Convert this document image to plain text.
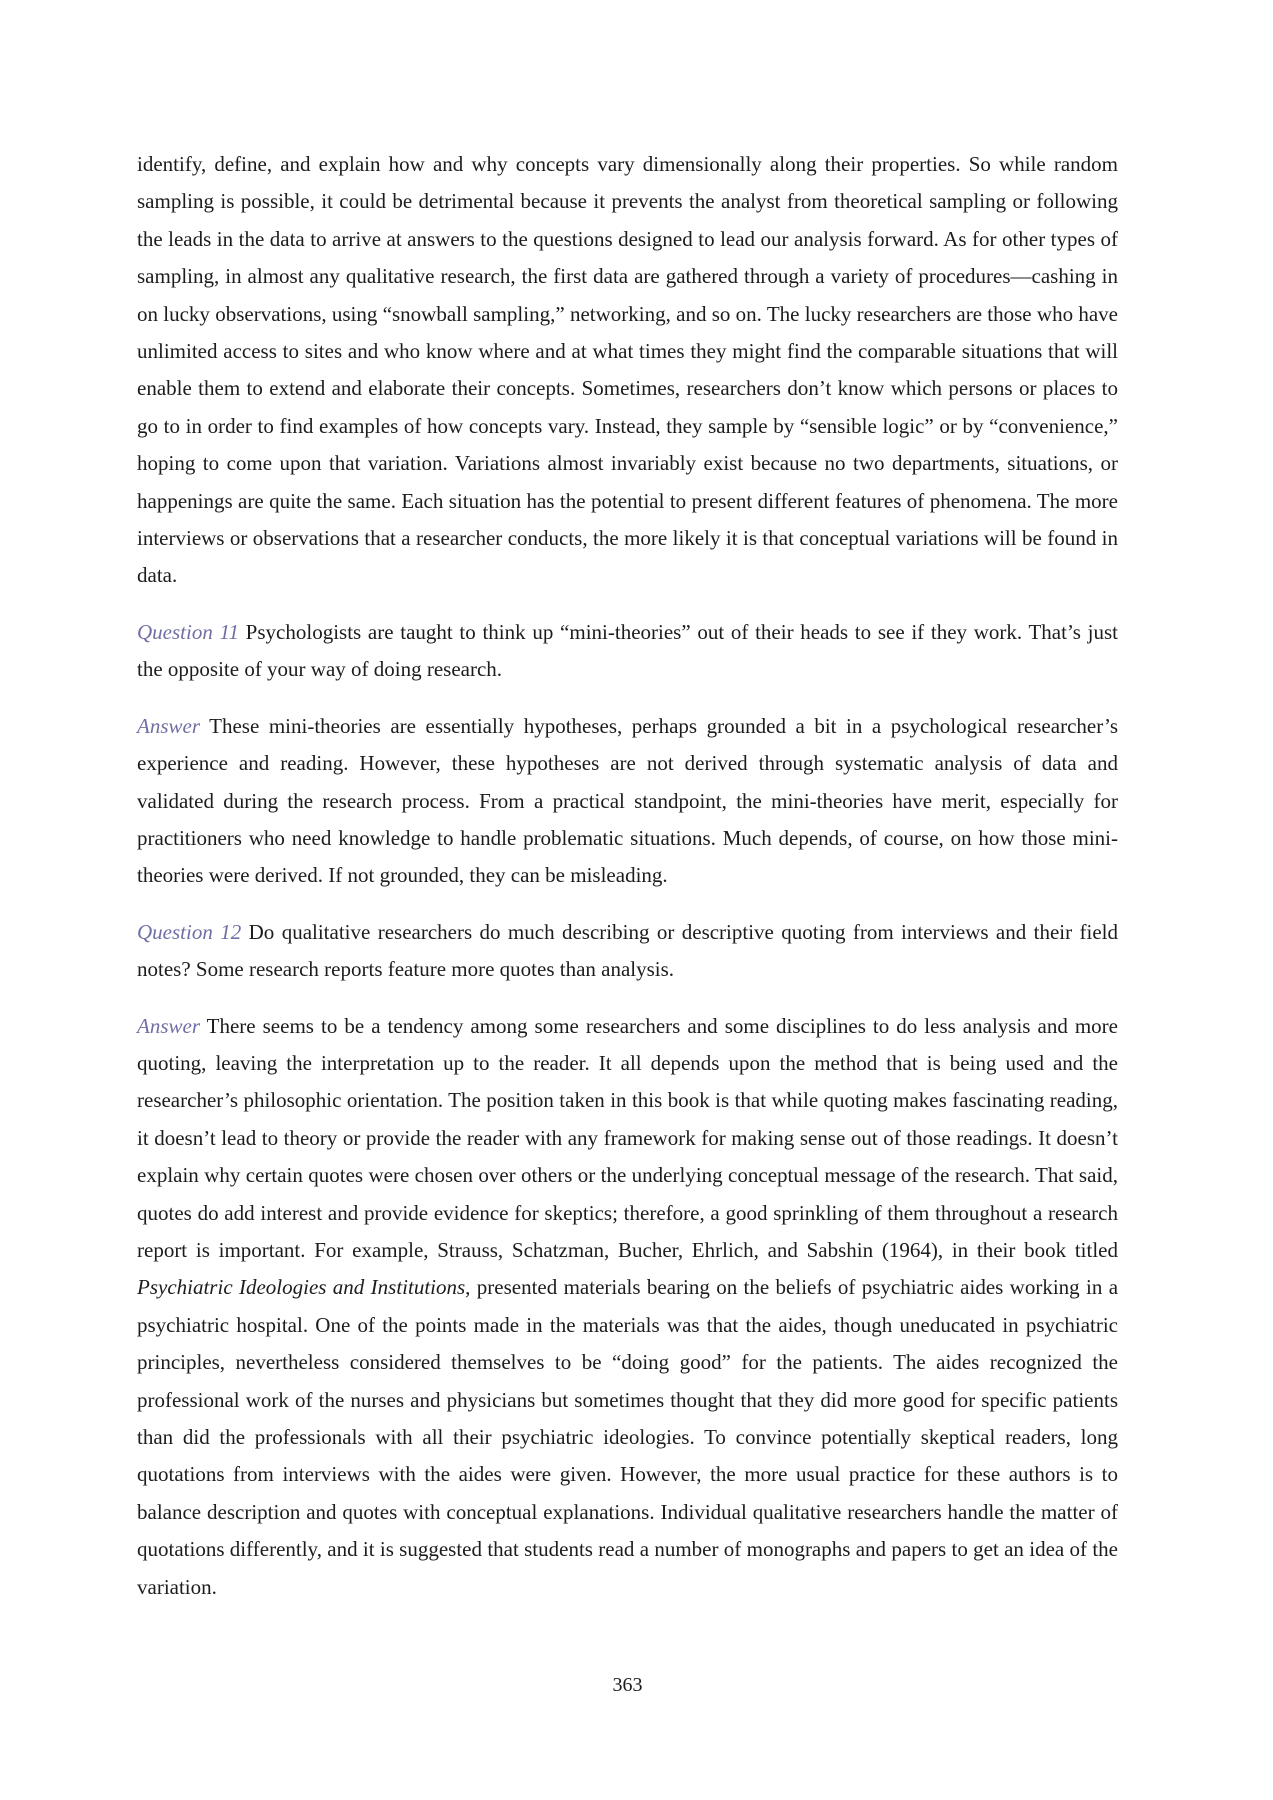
identify, define, and explain how and why concepts vary dimensionally along their properties. So while random sampling is possible, it could be detrimental because it prevents the analyst from theoretical sampling or following the leads in the data to arrive at answers to the questions designed to lead our analysis forward. As for other types of sampling, in almost any qualitative research, the first data are gathered through a variety of procedures—cashing in on lucky observations, using “snowball sampling,” networking, and so on. The lucky researchers are those who have unlimited access to sites and who know where and at what times they might find the comparable situations that will enable them to extend and elaborate their concepts. Sometimes, researchers don’t know which persons or places to go to in order to find examples of how concepts vary. Instead, they sample by “sensible logic” or by “convenience,” hoping to come upon that variation. Variations almost invariably exist because no two departments, situations, or happenings are quite the same. Each situation has the potential to present different features of phenomena. The more interviews or observations that a researcher conducts, the more likely it is that conceptual variations will be found in data.

Question 11 Psychologists are taught to think up “mini-theories” out of their heads to see if they work. That’s just the opposite of your way of doing research.

Answer These mini-theories are essentially hypotheses, perhaps grounded a bit in a psychological researcher’s experience and reading. However, these hypotheses are not derived through systematic analysis of data and validated during the research process. From a practical standpoint, the mini-theories have merit, especially for practitioners who need knowledge to handle problematic situations. Much depends, of course, on how those mini-theories were derived. If not grounded, they can be misleading.

Question 12 Do qualitative researchers do much describing or descriptive quoting from interviews and their field notes? Some research reports feature more quotes than analysis.

Answer There seems to be a tendency among some researchers and some disciplines to do less analysis and more quoting, leaving the interpretation up to the reader. It all depends upon the method that is being used and the researcher’s philosophic orientation. The position taken in this book is that while quoting makes fascinating reading, it doesn’t lead to theory or provide the reader with any framework for making sense out of those readings. It doesn’t explain why certain quotes were chosen over others or the underlying conceptual message of the research. That said, quotes do add interest and provide evidence for skeptics; therefore, a good sprinkling of them throughout a research report is important. For example, Strauss, Schatzman, Bucher, Ehrlich, and Sabshin (1964), in their book titled Psychiatric Ideologies and Institutions, presented materials bearing on the beliefs of psychiatric aides working in a psychiatric hospital. One of the points made in the materials was that the aides, though uneducated in psychiatric principles, nevertheless considered themselves to be “doing good” for the patients. The aides recognized the professional work of the nurses and physicians but sometimes thought that they did more good for specific patients than did the professionals with all their psychiatric ideologies. To convince potentially skeptical readers, long quotations from interviews with the aides were given. However, the more usual practice for these authors is to balance description and quotes with conceptual explanations. Individual qualitative researchers handle the matter of quotations differently, and it is suggested that students read a number of monographs and papers to get an idea of the variation.

363
